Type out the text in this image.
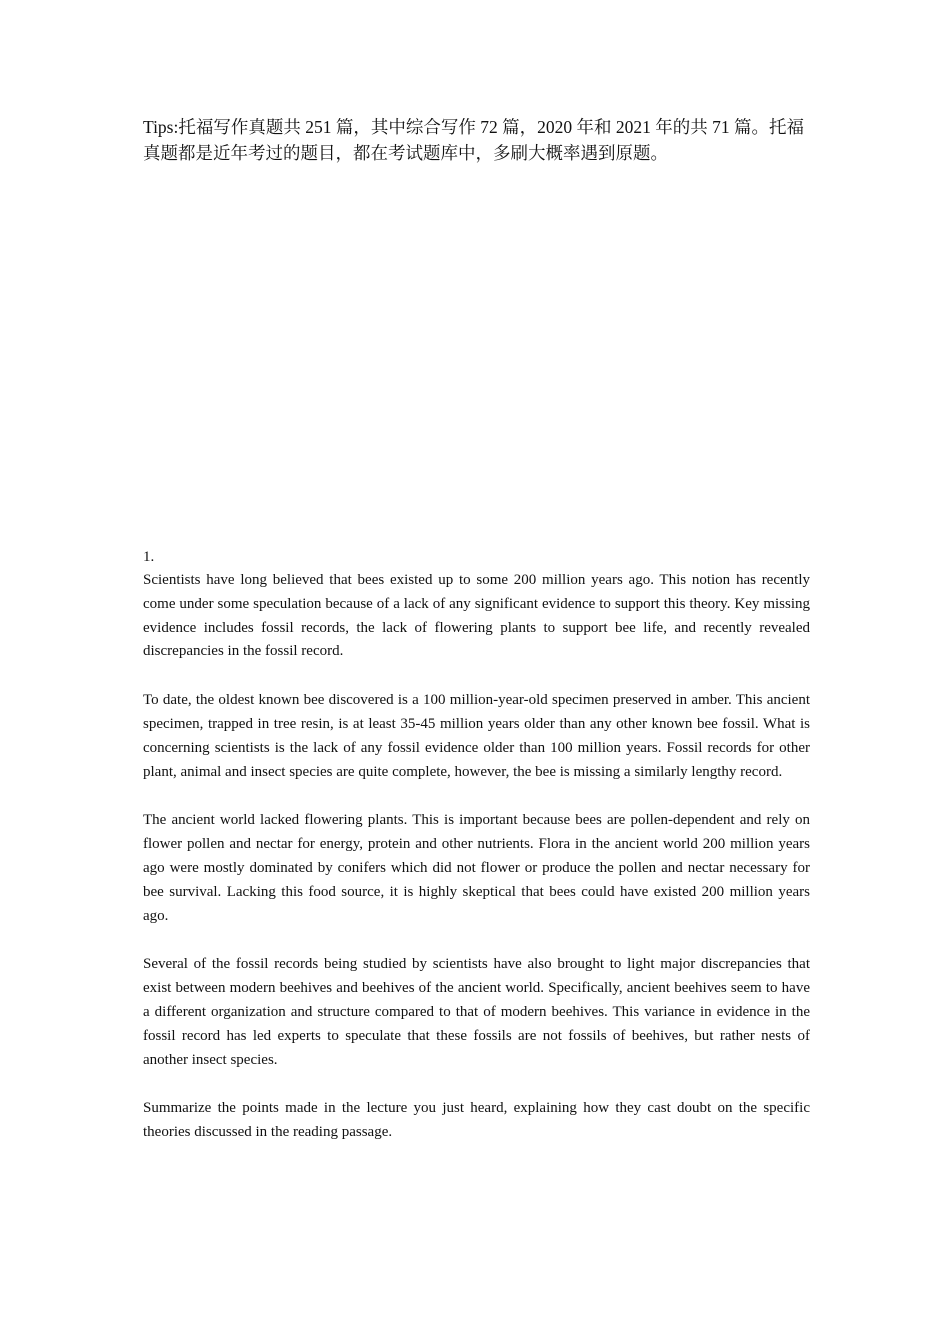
Tips:托福写作真题共 251 篇，其中综合写作 72 篇，2020 年和 2021 年的共 71 篇。托福真题都是近年考过的题目，都在考试题库中，多刷大概率遇到原题。

1.

Scientists have long believed that bees existed up to some 200 million years ago. This notion has recently come under some speculation because of a lack of any significant evidence to support this theory. Key missing evidence includes fossil records, the lack of flowering plants to support bee life, and recently revealed discrepancies in the fossil record.

To date, the oldest known bee discovered is a 100 million-year-old specimen preserved in amber. This ancient specimen, trapped in tree resin, is at least 35-45 million years older than any other known bee fossil. What is concerning scientists is the lack of any fossil evidence older than 100 million years. Fossil records for other plant, animal and insect species are quite complete, however, the bee is missing a similarly lengthy record.

The ancient world lacked flowering plants. This is important because bees are pollen-dependent and rely on flower pollen and nectar for energy, protein and other nutrients. Flora in the ancient world 200 million years ago were mostly dominated by conifers which did not flower or produce the pollen and nectar necessary for bee survival. Lacking this food source, it is highly skeptical that bees could have existed 200 million years ago.

Several of the fossil records being studied by scientists have also brought to light major discrepancies that exist between modern beehives and beehives of the ancient world. Specifically, ancient beehives seem to have a different organization and structure compared to that of modern beehives. This variance in evidence in the fossil record has led experts to speculate that these fossils are not fossils of beehives, but rather nests of another insect species.

Summarize the points made in the lecture you just heard, explaining how they cast doubt on the specific theories discussed in the reading passage.
